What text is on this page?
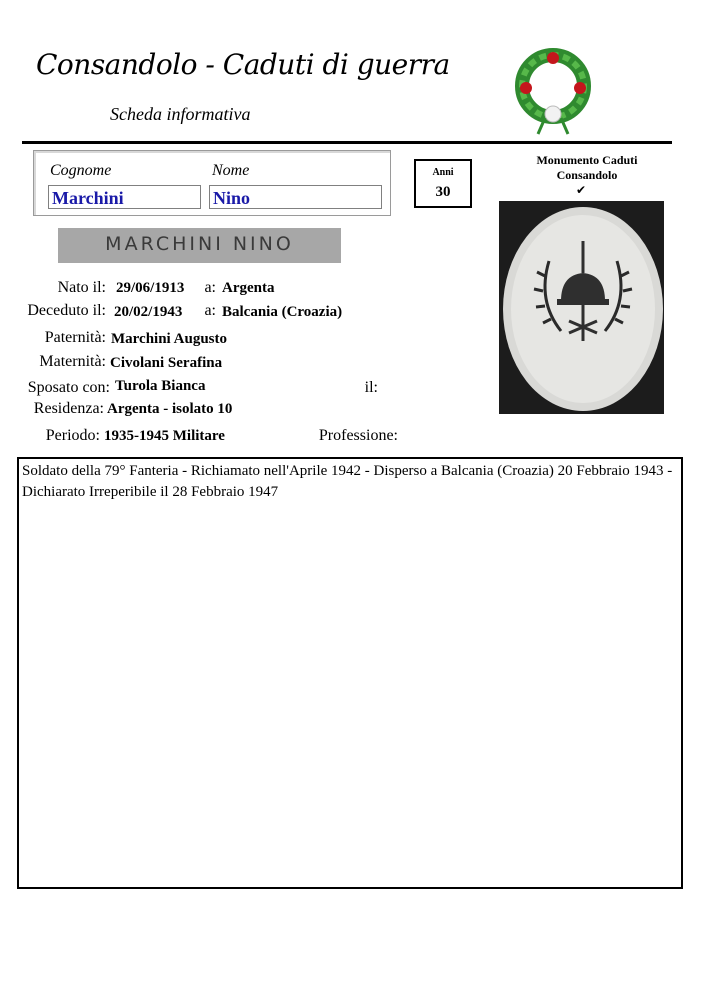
Consandolo - Caduti di guerra
Scheda informativa
Cognome	Nome
Marchini	Nino
Anni
30
Monumento Caduti
Consandolo
✔
MARCHINI NINO
Nato il: 29/06/1913	a: Argenta
Deceduto il: 20/02/1943	a: Balcania (Croazia)
Paternità: Marchini Augusto
Maternità: Civolani Serafina
Sposato con: Turola Bianca	il:
Residenza: Argenta - isolato 10
Periodo: 1935-1945 Militare	Professione:
Soldato della 79° Fanteria - Richiamato nell'Aprile 1942 - Disperso a Balcania (Croazia) 20 Febbraio 1943 - Dichiarato Irreperibile il 28 Febbraio 1947
